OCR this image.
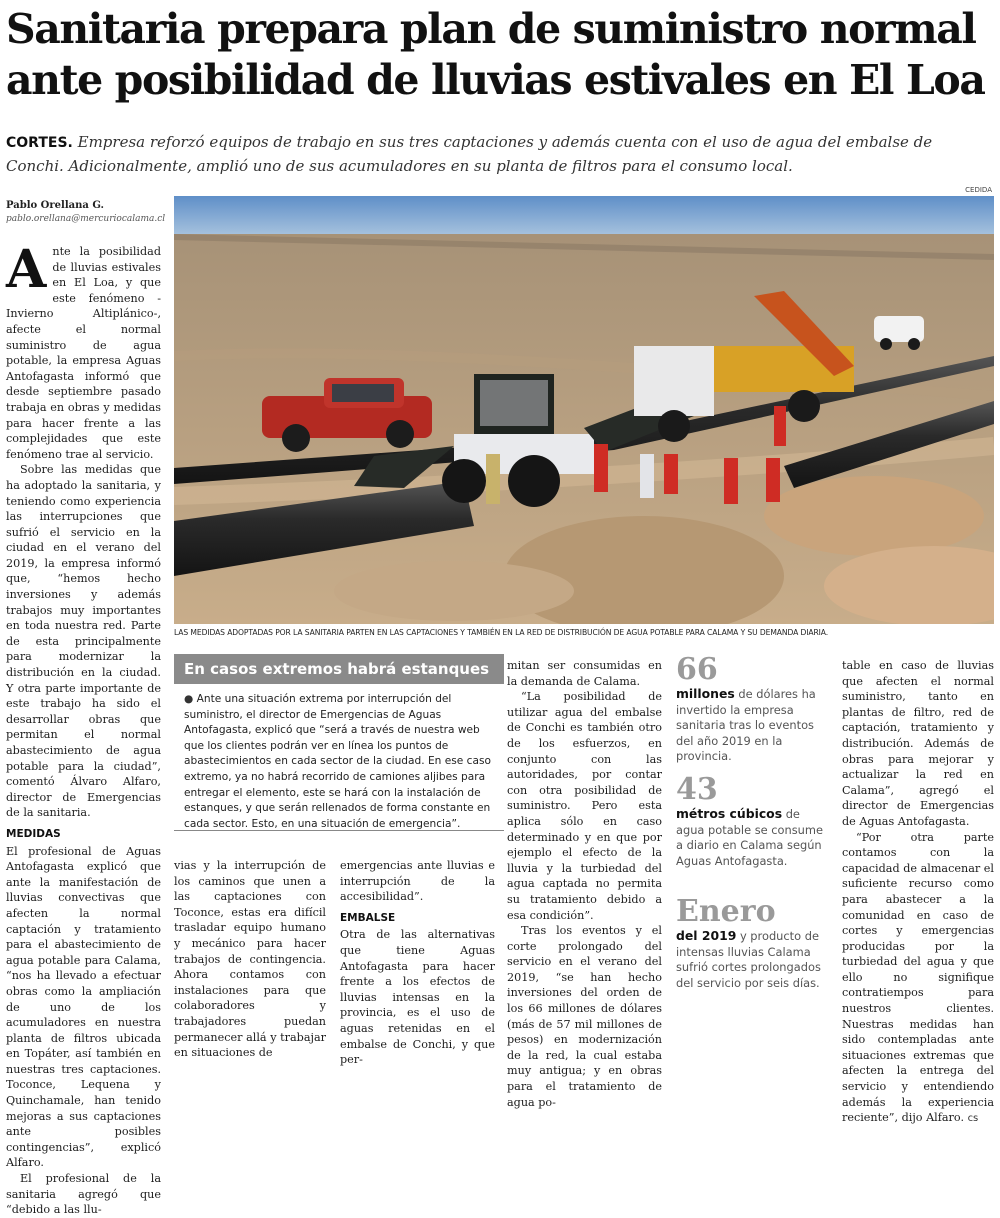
Sanitaria prepara plan de suministro normal
ante posibilidad de lluvias estivales en El Loa
CORTES. Empresa reforzó equipos de trabajo en sus tres captaciones y además cuenta con el uso de agua del embalse de Conchi. Adicionalmente, amplió uno de sus acumuladores en su planta de filtros para el consumo local.
CEDIDA
Pablo Orellana G.
pablo.orellana@mercuriocalama.cl
LAS MEDIDAS ADOPTADAS POR LA SANITARIA PARTEN EN LAS CAPTACIONES Y TAMBIÉN EN LA RED DE DISTRIBUCIÓN DE AGUA POTABLE PARA CALAMA Y SU DEMANDA DIARIA.

Ante la posibilidad de lluvias estivales en El Loa, y que este fenómeno -Invierno Altiplánico-, afecte el normal suministro de agua potable, la empresa Aguas Antofagasta informó que desde septiembre pasado trabaja en obras y medidas para hacer frente a las complejidades que este fenómeno trae al servicio.

Sobre las medidas que ha adoptado la sanitaria, y teniendo como experiencia las interrupciones que sufrió el servicio en la ciudad en el verano del 2019, la empresa informó que, “hemos hecho inversiones y además trabajos muy importantes en toda nuestra red. Parte de esta principalmente para modernizar la distribución en la ciudad. Y otra parte importante de este trabajo ha sido el desarrollar obras que permitan el normal abastecimiento de agua potable para la ciudad”, comentó Álvaro Alfaro, director de Emergencias de la sanitaria.

MEDIDAS

El profesional de Aguas Antofagasta explicó que ante la manifestación de lluvias convectivas que afecten la normal captación y tratamiento para el abastecimiento de agua potable para Calama, “nos ha llevado a efectuar obras como la ampliación de uno de los acumuladores en nuestra planta de filtros ubicada en Topáter, así también en nuestras tres captaciones. Toconce, Lequena y Quinchamale, han tenido mejoras a sus captaciones ante posibles contingencias”, explicó Alfaro.

El profesional de la sanitaria agregó que “debido a las llu-

En casos extremos habrá estanques
● Ante una situación extrema por interrupción del suministro, el director de Emergencias de Aguas Antofagasta, explicó que “será a través de nuestra web que los clientes podrán ver en línea los puntos de abastecimientos en cada sector de la ciudad. En ese caso extremo, ya no habrá recorrido de camiones aljibes para entregar el elemento, este se hará con la instalación de estanques, y que serán rellenados de forma constante en cada sector. Esto, en una situación de emergencia”.

vias y la interrupción de los caminos que unen a las captaciones con Toconce, estas era difícil trasladar equipo humano y mecánico para hacer trabajos de contingencia. Ahora contamos con instalaciones para que colaboradores y trabajadores puedan permanecer allá y trabajar en situaciones de

emergencias ante lluvias e interrupción de la accesibilidad”.

EMBALSE

Otra de las alternativas que tiene Aguas Antofagasta para hacer frente a los efectos de lluvias intensas en la provincia, es el uso de aguas retenidas en el embalse de Conchi, y que per-

mitan ser consumidas en la demanda de Calama.

“La posibilidad de utilizar agua del embalse de Conchi es también otro de los esfuerzos, en conjunto con las autoridades, por contar con otra posibilidad de suministro. Pero esta aplica sólo en caso determinado y en que por ejemplo el efecto de la lluvia y la turbiedad del agua captada no permita su tratamiento debido a esa condición”.

Tras los eventos y el corte prolongado del servicio en el verano del 2019, “se han hecho inversiones del orden de los 66 millones de dólares (más de 57 mil millones de pesos) en modernización de la red, la cual estaba muy antigua; y en obras para el tratamiento de agua po-

66
millones de dólares ha invertido la empresa sanitaria tras lo eventos del año 2019 en la provincia.
43
métros cúbicos de agua potable se consume a diario en Calama según Aguas Antofagasta.
Enero
del 2019 y producto de intensas lluvias Calama sufrió cortes prolongados del servicio por seis días.

table en caso de lluvias que afecten el normal suministro, tanto en plantas de filtro, red de captación, tratamiento y distribución. Además de obras para mejorar y actualizar la red en Calama”, agregó el director de Emergencias de Aguas Antofagasta.

“Por otra parte contamos con la capacidad de almacenar el suficiente recurso como para abastecer a la comunidad en caso de cortes y emergencias producidas por la turbiedad del agua y que ello no signifique contratiempos para nuestros clientes. Nuestras medidas han sido contempladas ante situaciones extremas que afecten la entrega del servicio y entendiendo además la experiencia reciente”, dijo Alfaro. cs
